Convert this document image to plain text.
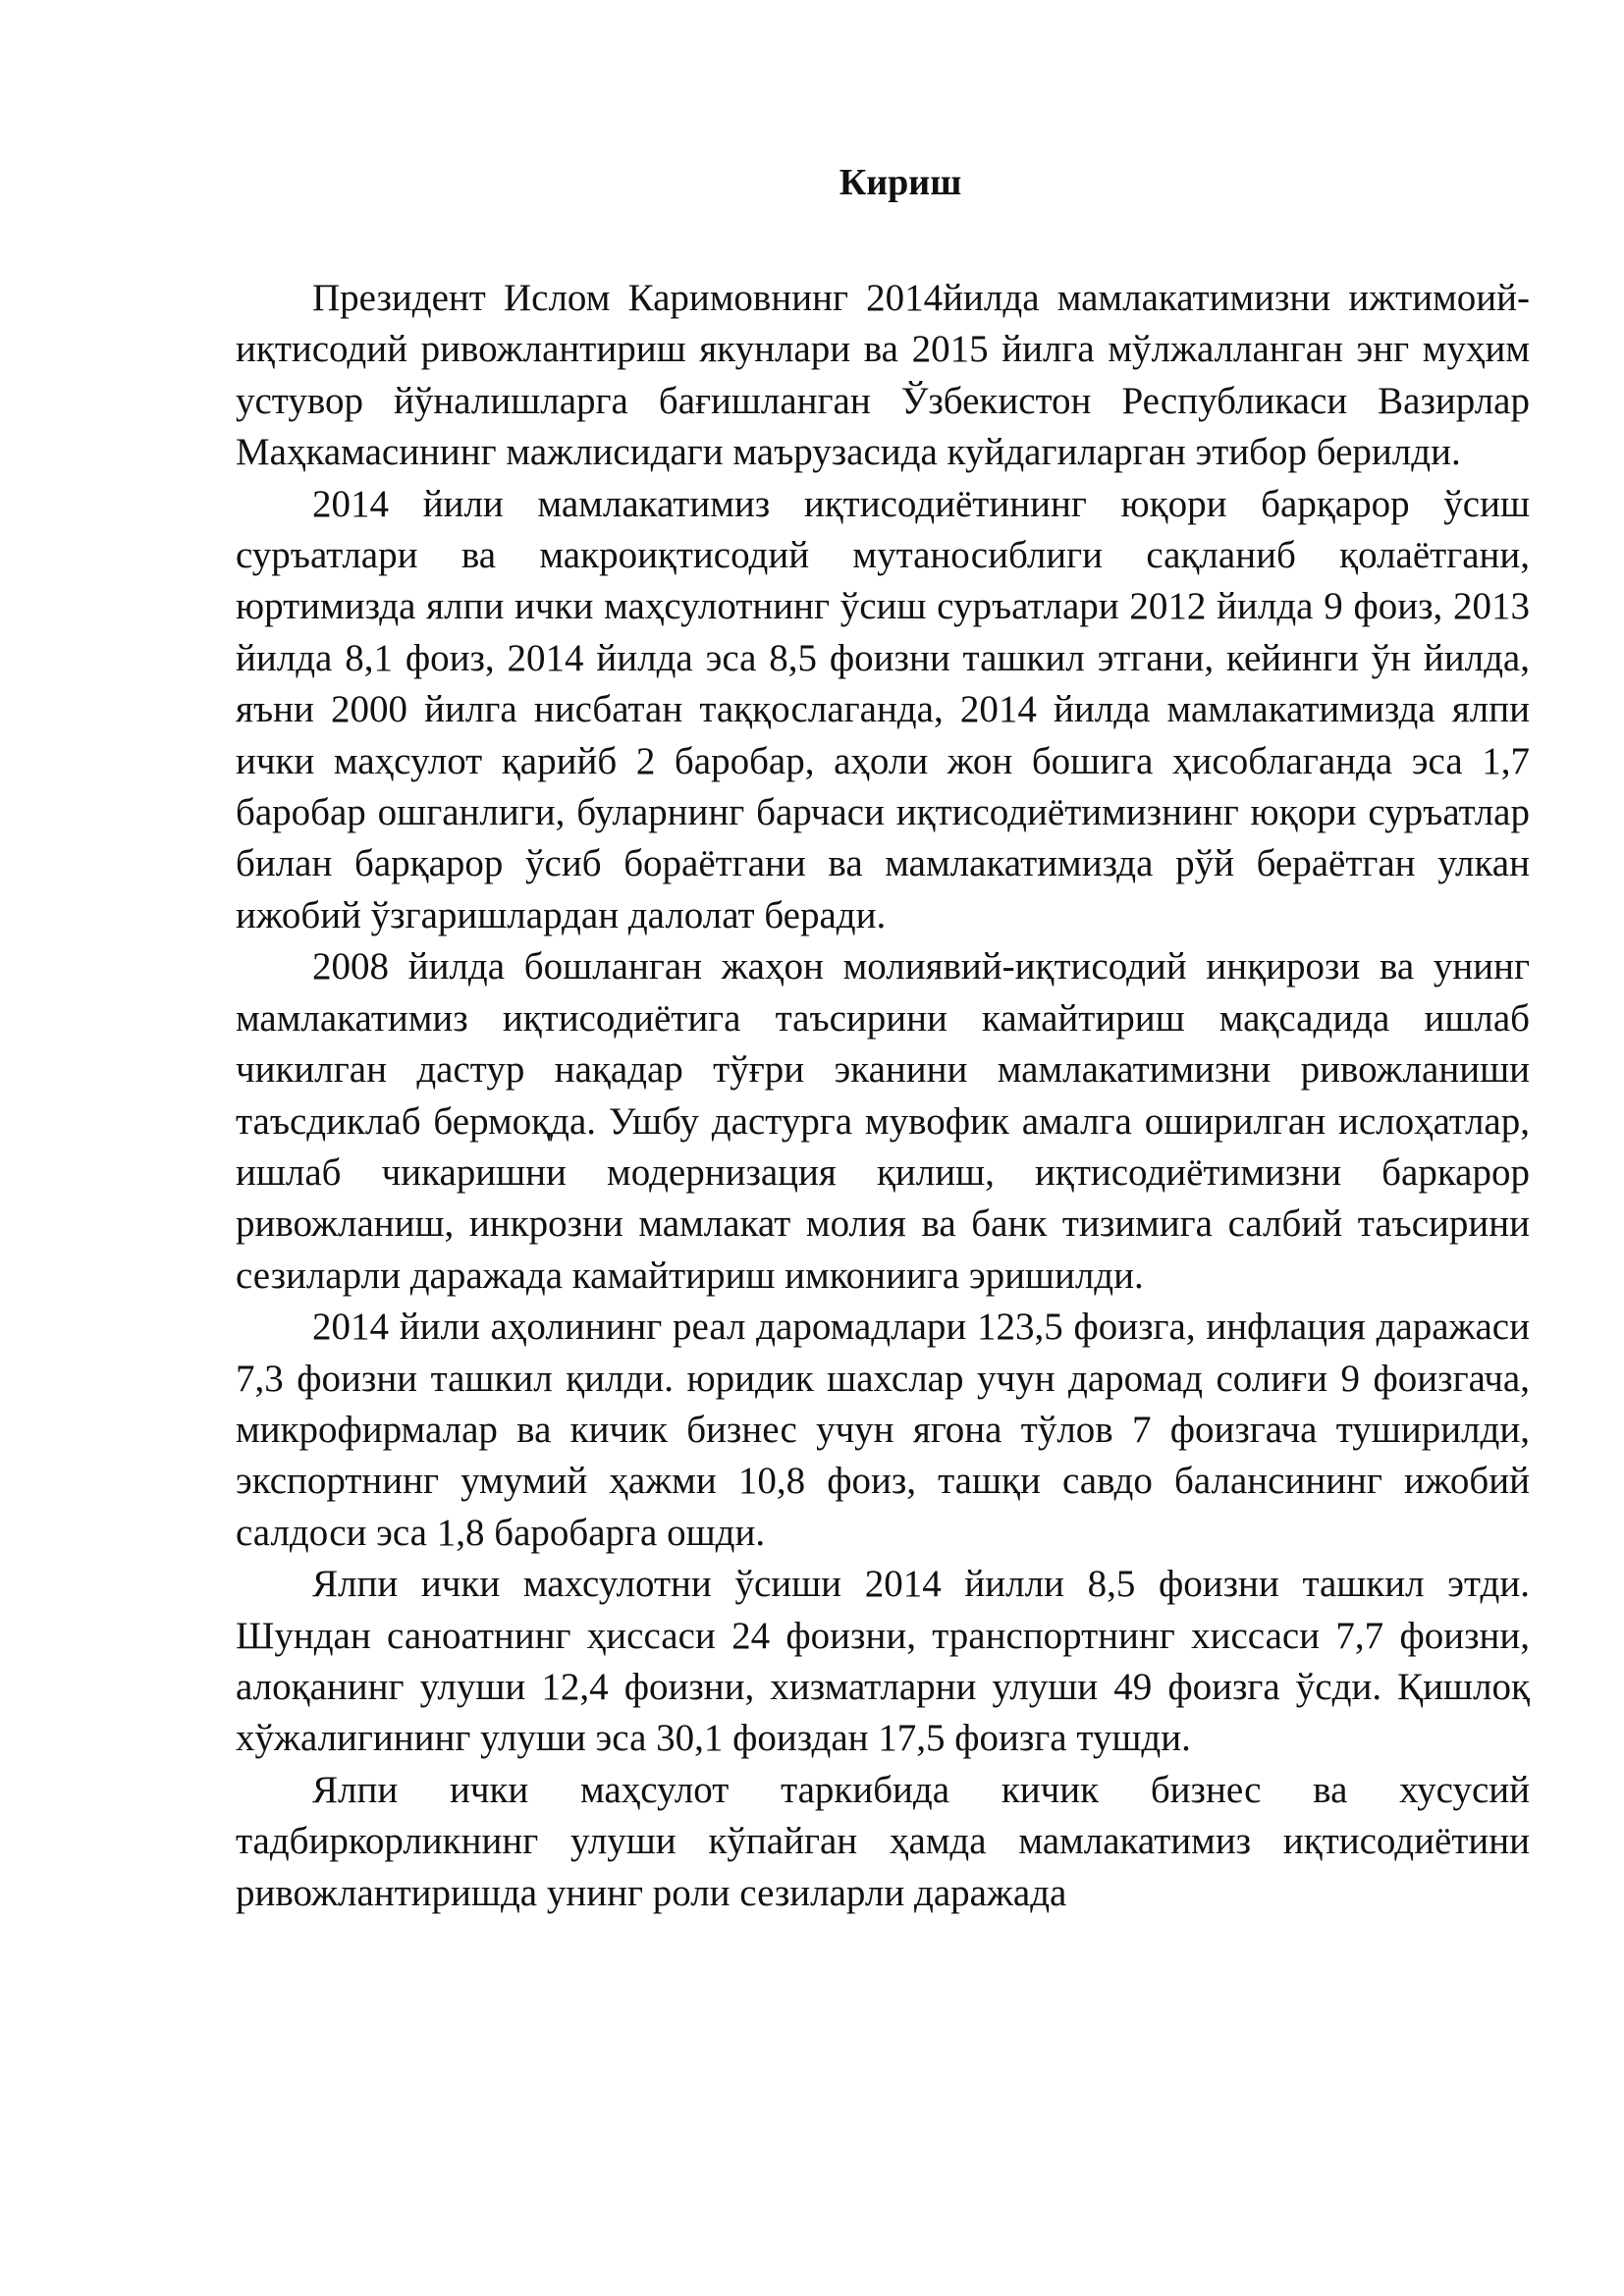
Кириш

Президент Ислом Каримовнинг 2014йилда мамлакатимизни ижтимоий-иқтисодий ривожлантириш якунлари ва 2015 йилга мўлжалланган энг муҳим устувор йўналишларга бағишланган Ўзбекистон Республикаси Вазирлар Маҳкамасининг мажлисидаги маърузасида куйдагиларган этибор берилди.

2014 йили мамлакатимиз иқтисодиётининг юқори барқарор ўсиш суръатлари ва макроиқтисодий мутаносиблиги сақланиб қолаётгани, юртимизда ялпи ички маҳсулотнинг ўсиш суръатлари 2012 йилда 9 фоиз, 2013 йилда 8,1 фоиз, 2014 йилда эса 8,5 фоизни ташкил этгани, кейинги ўн йилда, яъни 2000 йилга нисбатан таққослаганда, 2014 йилда мамлакатимизда ялпи ички маҳсулот қарийб 2 баробар, аҳоли жон бошига ҳисоблаганда эса 1,7 баробар ошганлиги, буларнинг барчаси иқтисодиётимизнинг юқори суръатлар билан барқарор ўсиб бораётгани ва мамлакатимизда рўй бераётган улкан ижобий ўзгаришлардан далолат беради.

2008 йилда бошланган жаҳон молиявий-иқтисодий инқирози ва унинг мамлакатимиз иқтисодиётига таъсирини камайтириш мақсадида ишлаб чикилган дастур нақадар тўғри эканини мамлакатимизни ривожланиши таъсдиклаб бермоқда. Ушбу дастурга мувофик амалга оширилган ислоҳатлар, ишлаб чикаришни модернизация қилиш, иқтисодиётимизни баркарор ривожланиш, инкрозни мамлакат молия ва банк тизимига салбий таъсирини сезиларли даражада камайтириш имкониига эришилди.

2014 йили аҳолининг реал даромадлари 123,5 фоизга, инфлация даражаси 7,3 фоизни ташкил қилди. юридик шахслар учун даромад солиғи 9 фоизгача, микрофирмалар ва кичик бизнес учун ягона тўлов 7 фоизгача туширилди, экспортнинг умумий ҳажми 10,8 фоиз, ташқи савдо балансининг ижобий салдоси эса 1,8 баробарга ошди.

Ялпи ички махсулотни ўсиши 2014 йилли 8,5 фоизни ташкил этди. Шундан саноатнинг ҳиссаси 24 фоизни, транспортнинг хиссаси 7,7 фоизни, алоқанинг улуши 12,4 фоизни, хизматларни улуши 49 фоизга ўсди. Қишлоқ хўжалигининг улуши эса 30,1 фоиздан 17,5 фоизга тушди.

Ялпи ички маҳсулот таркибида кичик бизнес ва хусусий тадбиркорликнинг улуши кўпайган ҳамда мамлакатимиз иқтисодиётини ривожлантиришда унинг роли сезиларли даражада
